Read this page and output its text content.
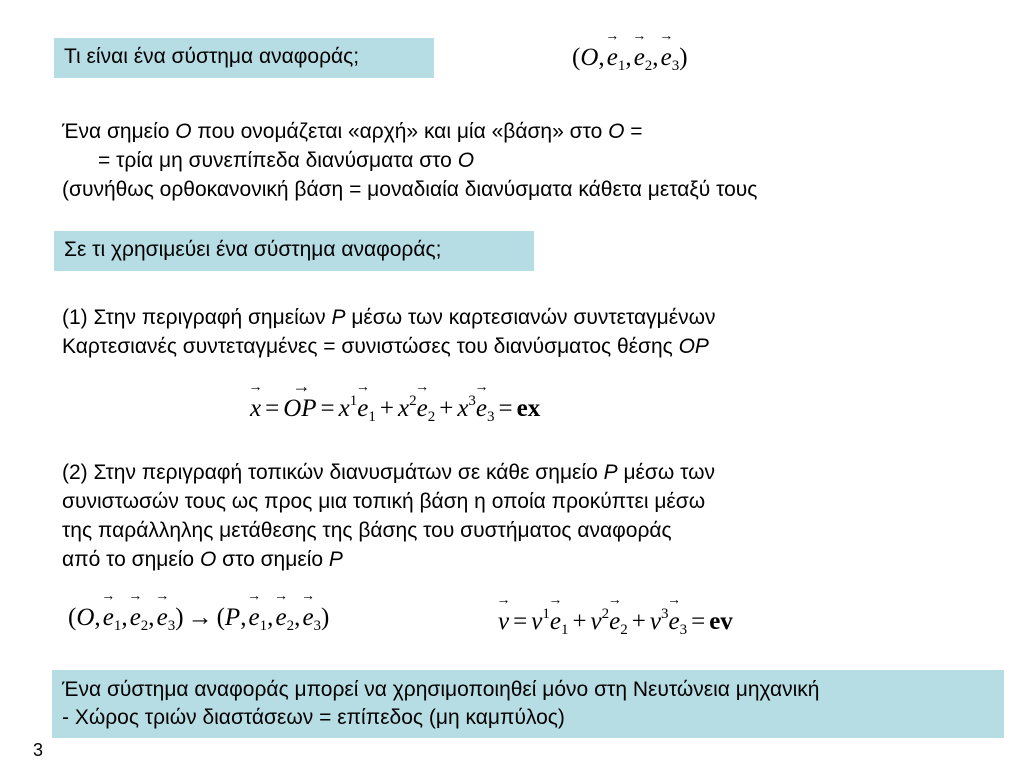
Τι είναι ένα σύστημα αναφοράς;	(O, → $e_1$, → $e_2$, → $e_3$)
Ένα σημείο O που ονομάζεται «αρχή» και μία «βάση» στο O =
= τρία μη συνεπίπεδα διανύσματα στο O
(συνήθως ορθοκανονική βάση = μοναδιαία διανύσματα κάθετα μεταξύ τους
Σε τι χρησιμεύει ένα σύστημα αναφοράς;
(1) Στην περιγραφή σημείων P μέσω των καρτεσιανών συντεταγμένων
Καρτεσιανές συντεταγμένες = συνιστώσες του διανύσματος θέσης OP
→ x = → OP = $x^1\to e_1 + x^2\to e_2 + x^3\to e_3$ = ex
(2) Στην περιγραφή τοπικών διανυσμάτων σε κάθε σημείο P μέσω των
συνιστωσών τους ως προς μια τοπική βάση η οποία προκύπτει μέσω
της παράλληλης μετάθεσης της βάσης του συστήματος αναφοράς
από το σημείο O στο σημείο P
(O, → $e_1$, → $e_2$, → $e_3) \to (P$, → $e_1$, → $e_2$, → $e_3$)	→ $v = v^1\to e_1 + v^2\to e_2 + v^3\to e_3$ = ev
Ένα σύστημα αναφοράς μπορεί να χρησιμοποιηθεί μόνο στη Νευτώνεια μηχανική
- Χώρος τριών διαστάσεων = επίπεδος (μη καμπύλος)
3
